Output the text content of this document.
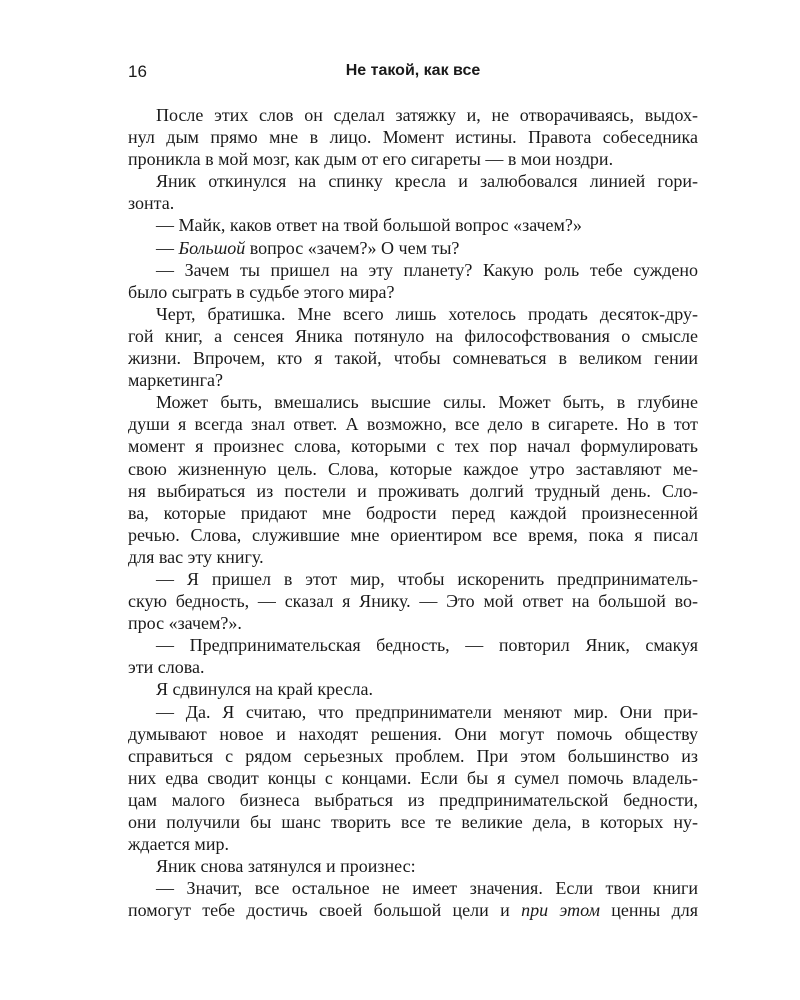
16	Не такой, как все

После этих слов он сделал затяжку и, не отворачиваясь, выдох-
нул дым прямо мне в лицо. Момент истины. Правота собеседника
проникла в мой мозг, как дым от его сигареты — в мои ноздри.

Яник откинулся на спинку кресла и залюбовался линией гори-
зонта.

— Майк, каков ответ на твой большой вопрос «зачем?»

— Большой вопрос «зачем?» О чем ты?

— Зачем ты пришел на эту планету? Какую роль тебе суждено
было сыграть в судьбе этого мира?

Черт, братишка. Мне всего лишь хотелось продать десяток-дру-
гой книг, а сенсея Яника потянуло на философствования о смысле
жизни. Впрочем, кто я такой, чтобы сомневаться в великом гении
маркетинга?

Может быть, вмешались высшие силы. Может быть, в глубине
души я всегда знал ответ. А возможно, все дело в сигарете. Но в тот
момент я произнес слова, которыми с тех пор начал формулировать
свою жизненную цель. Слова, которые каждое утро заставляют ме-
ня выбираться из постели и проживать долгий трудный день. Сло-
ва, которые придают мне бодрости перед каждой произнесенной
речью. Слова, служившие мне ориентиром все время, пока я писал
для вас эту книгу.

— Я пришел в этот мир, чтобы искоренить предприниматель-
скую бедность, — сказал я Янику. — Это мой ответ на большой во-
прос «зачем?».

— Предпринимательская бедность, — повторил Яник, смакуя
эти слова.

Я сдвинулся на край кресла.

— Да. Я считаю, что предприниматели меняют мир. Они при-
думывают новое и находят решения. Они могут помочь обществу
справиться с рядом серьезных проблем. При этом большинство из
них едва сводит концы с концами. Если бы я сумел помочь владель-
цам малого бизнеса выбраться из предпринимательской бедности,
они получили бы шанс творить все те великие дела, в которых ну-
ждается мир.

Яник снова затянулся и произнес:

— Значит, все остальное не имеет значения. Если твои книги
помогут тебе достичь своей большой цели и при этом ценны для
